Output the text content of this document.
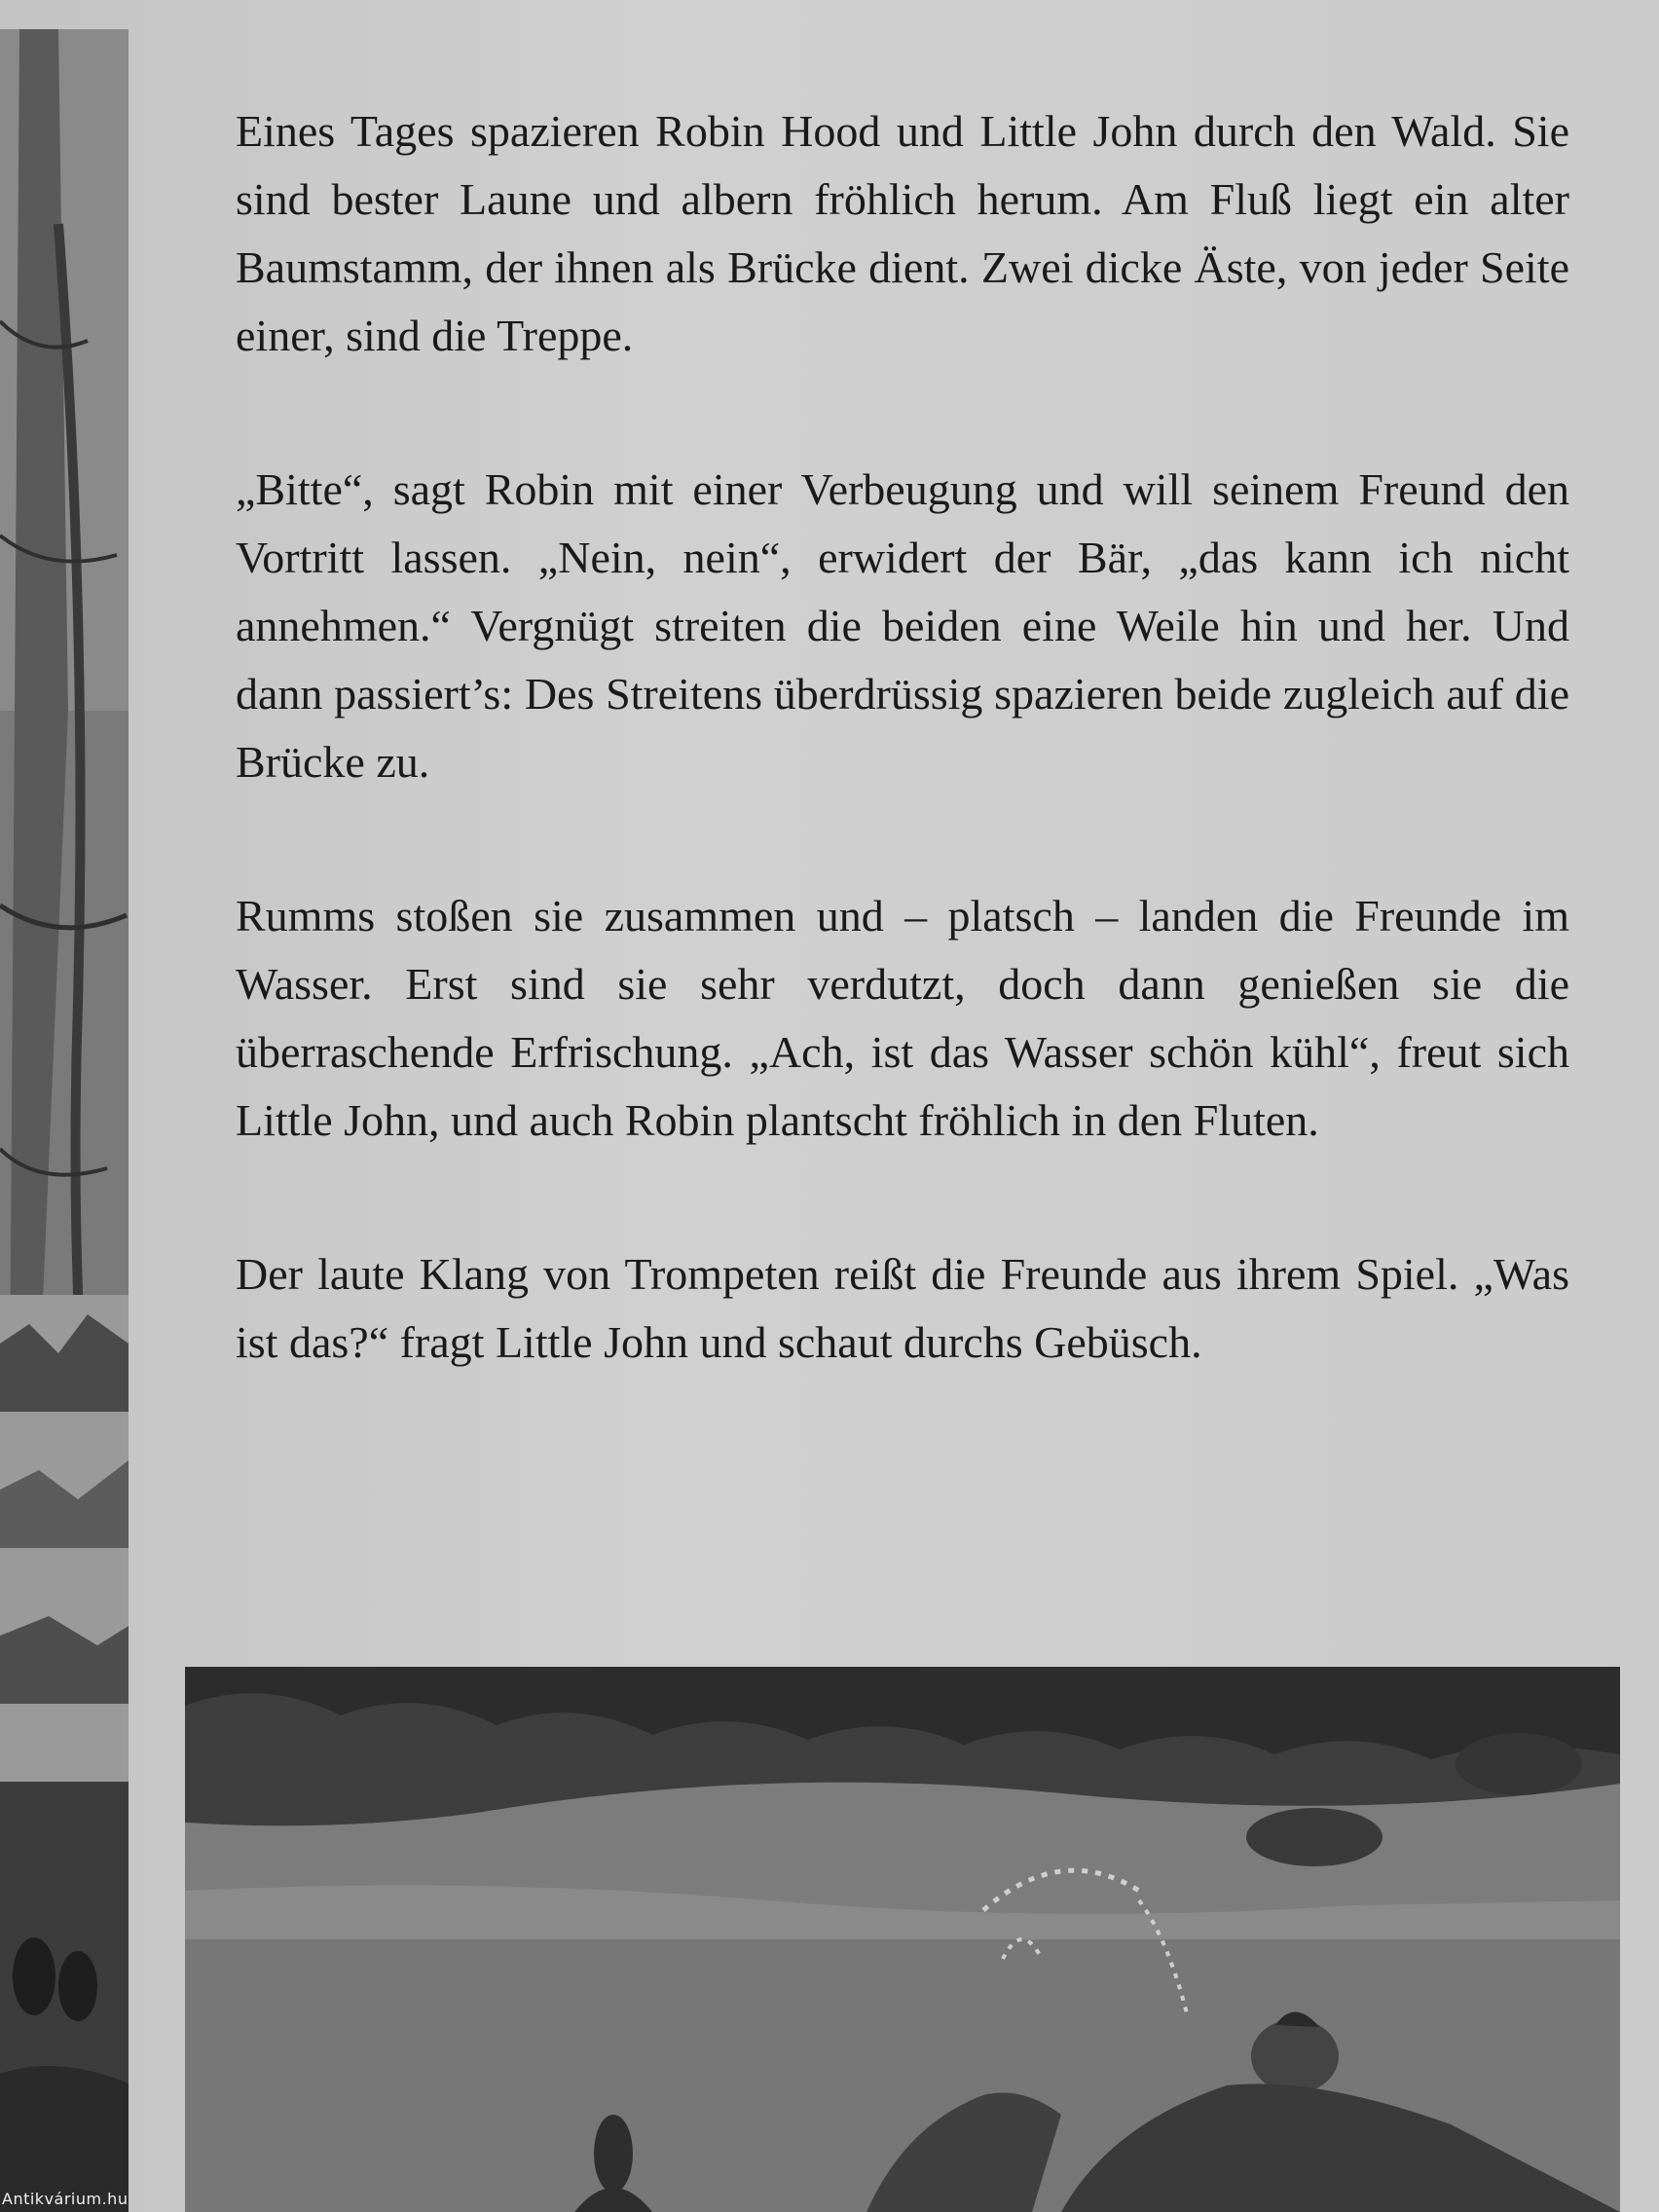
Antikvárium.hu

Eines Tages spazieren Robin Hood und Little John durch den Wald. Sie sind bester Laune und albern fröhlich herum. Am Fluß liegt ein alter Baumstamm, der ihnen als Brücke dient. Zwei dicke Äste, von jeder Seite einer, sind die Treppe.

„Bitte“, sagt Robin mit einer Verbeugung und will seinem Freund den Vortritt lassen. „Nein, nein“, erwidert der Bär, „das kann ich nicht annehmen.“ Vergnügt streiten die beiden eine Weile hin und her. Und dann passiert’s: Des Streitens überdrüssig spazieren beide zugleich auf die Brücke zu.

Rumms stoßen sie zusammen und – platsch – landen die Freunde im Wasser. Erst sind sie sehr verdutzt, doch dann genießen sie die überraschende Erfrischung. „Ach, ist das Wasser schön kühl“, freut sich Little John, und auch Robin plantscht fröhlich in den Fluten.

Der laute Klang von Trompeten reißt die Freunde aus ihrem Spiel. „Was ist das?“ fragt Little John und schaut durchs Gebüsch.
